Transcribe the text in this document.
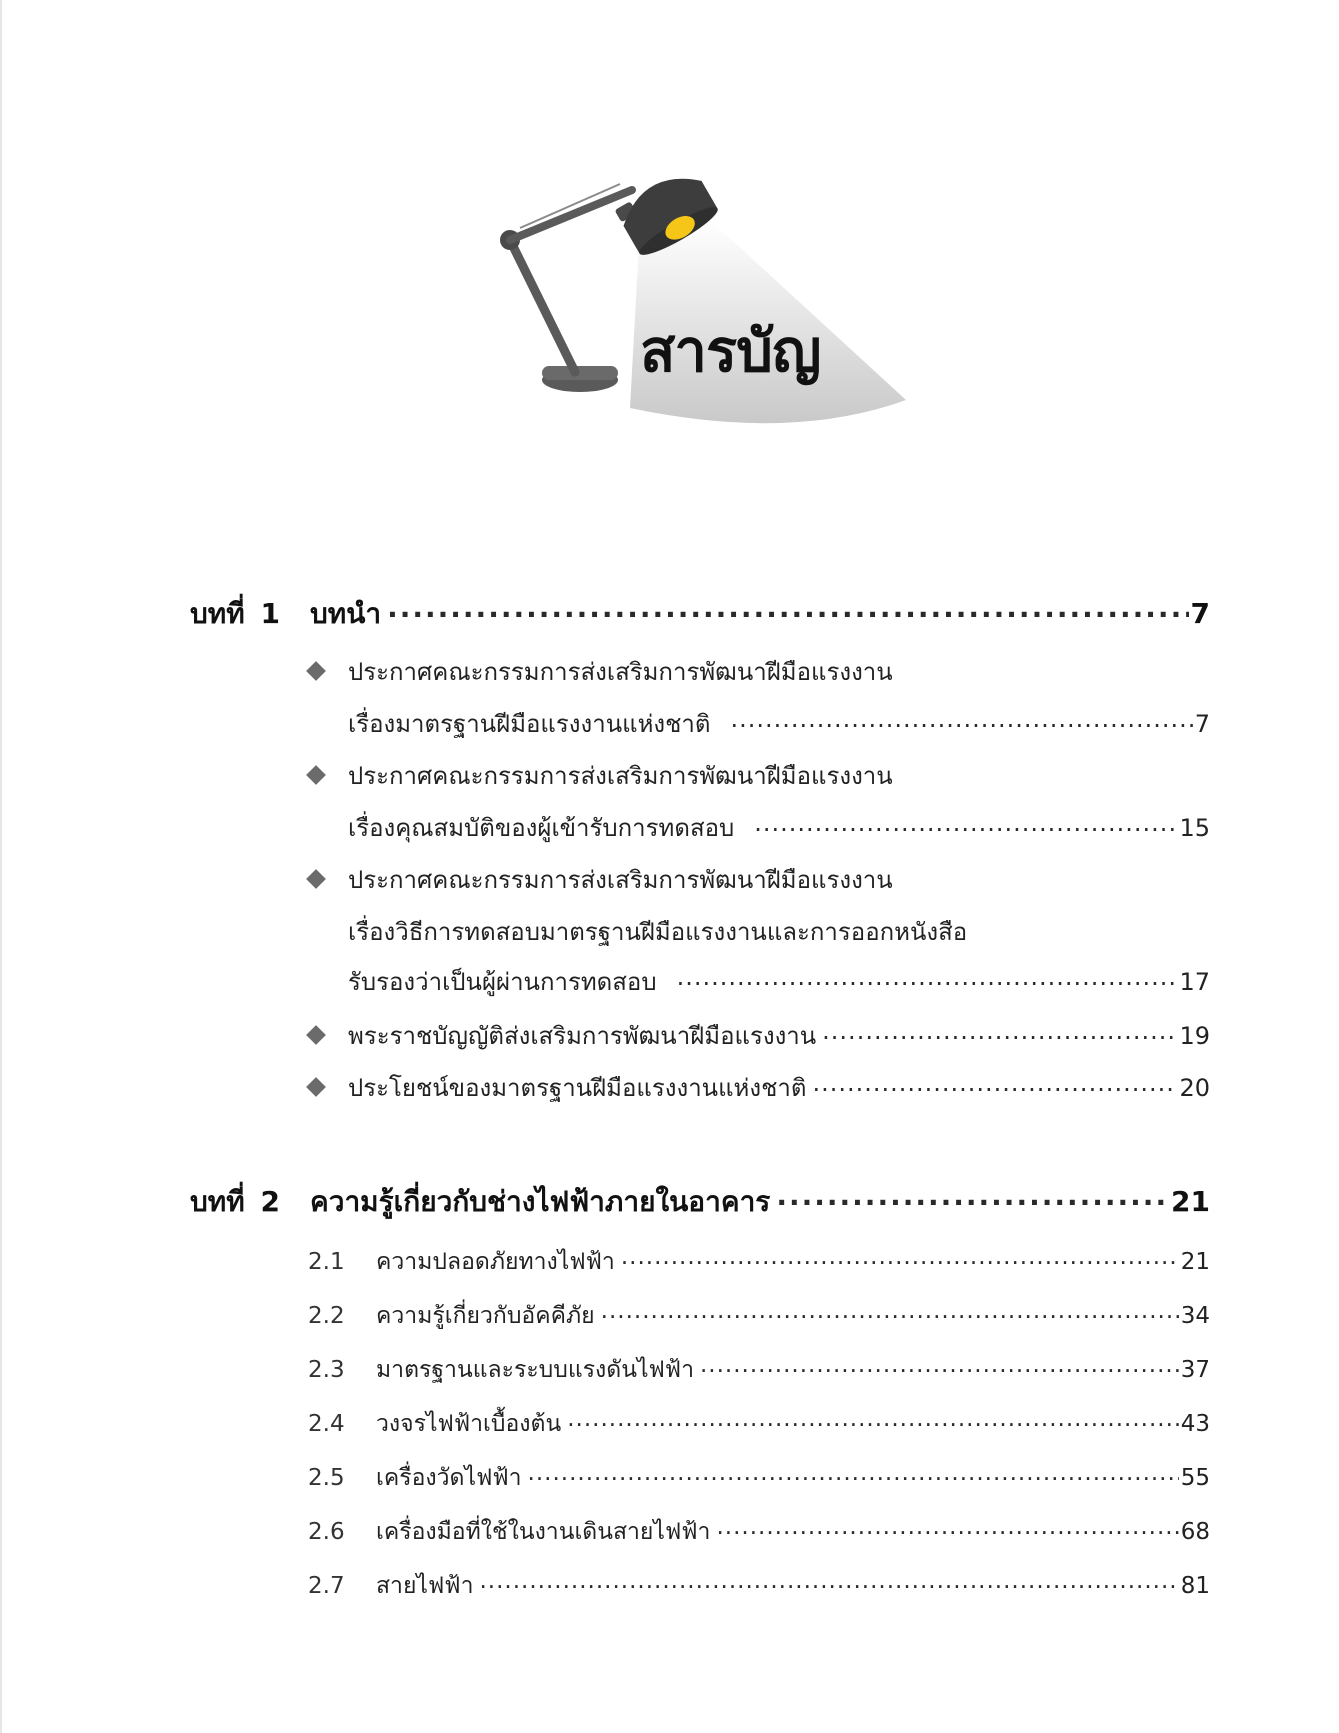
สารบัญ
บทที่ 1	บทนำ .....	7
ประกาศคณะกรรมการส่งเสริมการพัฒนาฝีมือแรงงาน
เรื่องมาตรฐานฝีมือแรงงานแห่งชาติ .....	7
ประกาศคณะกรรมการส่งเสริมการพัฒนาฝีมือแรงงาน
เรื่องคุณสมบัติของผู้เข้ารับการทดสอบ .....	15
ประกาศคณะกรรมการส่งเสริมการพัฒนาฝีมือแรงงาน
เรื่องวิธีการทดสอบมาตรฐานฝีมือแรงงานและการออกหนังสือ
รับรองว่าเป็นผู้ผ่านการทดสอบ .....	17
พระราชบัญญัติส่งเสริมการพัฒนาฝีมือแรงงาน .....	19
ประโยชน์ของมาตรฐานฝีมือแรงงานแห่งชาติ .....	20
บทที่ 2	ความรู้เกี่ยวกับช่างไฟฟ้าภายในอาคาร .....	21
2.1	ความปลอดภัยทางไฟฟ้า .....	21
2.2	ความรู้เกี่ยวกับอัคคีภัย .....	34
2.3	มาตรฐานและระบบแรงดันไฟฟ้า .....	37
2.4	วงจรไฟฟ้าเบื้องต้น .....	43
2.5	เครื่องวัดไฟฟ้า .....	55
2.6	เครื่องมือที่ใช้ในงานเดินสายไฟฟ้า .....	68
2.7	สายไฟฟ้า .....	81
